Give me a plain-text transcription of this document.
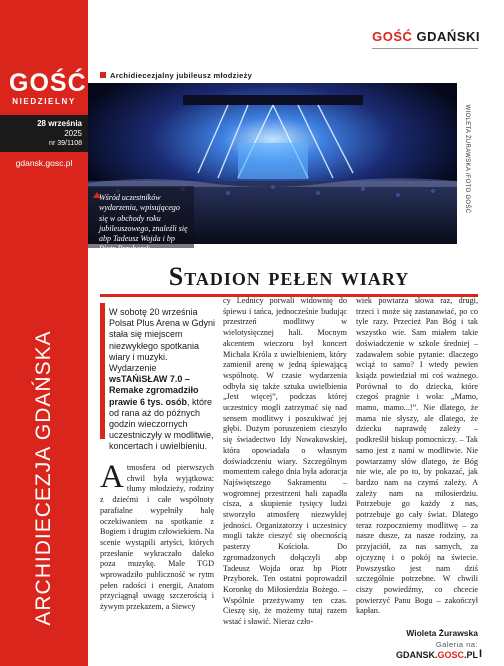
GOŚĆ
NIEDZIELNY
28 września
2025
nr 39/1108
gdansk.gosc.pl
ARCHIDIECEZJA GDAŃSKA
GOŚĆ GDAŃSKI
Archidiecezjalny jubileusz młodzieży
WIOLETA ŻURAWSKA /FOTO GOŚĆ
Wśród uczestników wydarzenia, wpisującego się w obchody roku jubileuszowego, znaleźli się abp Tadeusz Wojda i bp Piotr Przyborek.
Stadion pełen wiary
W sobotę 20 września Polsat Plus Arena w Gdyni stała się miejscem niezwykłego spotkania wiary i muzyki. Wydarzenie wsTAŃiSŁAW 7.0 – Remake zgromadziło prawie 6 tys. osób, które od rana aż do późnych godzin wieczornych uczestniczyły w modlitwie, koncertach i uwielbieniu.
Atmosfera od pierwszych chwil była wyjątkowa: tłumy młodzieży, rodziny z dziećmi i całe wspólnoty parafialne wypełniły halę oczekiwaniem na spotkanie z Bogiem i drugim człowiekiem. Na scenie wystąpili artyści, których przesłanie wykraczało daleko poza muzykę. Male TGD wprowadziło publiczność w rytm pełen radości i energii, Anatom przyciągnął uwagę szczerością i żywym przekazem, a Siewcy
cy Lednicy porwali widownię do śpiewu i tańca, jednocześnie budując przestrzeń modlitwy w wielotysięcznej hali. Mocnym akcentem wieczoru był koncert Michała Króla z uwielbieniem, który zamienił arenę w jedną śpiewającą wspólnotę. W czasie wydarzenia odbyła się także sztuka uwielbienia „Jest więcej”, podczas której uczestnicy mogli zatrzymać się nad sensem modlitwy i poszukiwać jej głębi. Dużym poruszeniem cieszyło się świadectwo Idy Nowakowskiej, która opowiadała o własnym doświadczeniu wiary. Szczególnym momentem całego dnia była adoracja Najświętszego Sakramentu – wogromnej przestrzeni hali zapadła cisza, a skupienie tysięcy ludzi stworzyło atmosferę niezwykłej jedności. Organizatorzy i uczestnicy mogli także cieszyć się obecnością pasterzy Kościoła. Do zgromadzonych dołączyli abp Tadeusz Wojda oraz bp Piotr Przyborek. Ten ostatni poprowadził Koronkę do Miłosierdzia Bożego. – Wspólnie przeżywamy ten czas. Cieszę się, że możemy tutaj razem wstać i sławić. Nieraz czło-
wiek powtarza słowa raz, drugi, trzeci i może się zastanawiać, po co tyle razy. Przecież Pan Bóg i tak wszystko wie. Sam miałem takie doświadczenie w szkole średniej – zadawałem sobie pytanie: dlaczego wciąż to samo? I wtedy pewien ksiądz powiedział mi coś ważnego. Porównał to do dziecka, które czegoś pragnie i woła: „Mamo, mamo, mamo...!”. Nie dlatego, że mama nie słyszy, ale dlatego, że dziecku naprawdę zależy – podkreślił biskup pomocniczy. – Tak samo jest z nami w modlitwie. Nie powtarzamy słów dlatego, że Bóg nie wie, ale po to, by pokazać, jak bardzo nam na czymś zależy. A zależy nam na miłosierdziu. Potrzebuje go każdy z nas, potrzebuje go cały świat. Dlatego teraz rozpoczniemy modlitwę – za nasze dusze, za nasze rodziny, za przyjaciół, za nas samych, za ojczyznę i o pokój na świecie. Powszystko jest nam dziś szczególnie potrzebne. W chwili ciszy powiedźmy, co chcecie powierzyć Panu Bogu – zakończył kapłan.
Wioleta Żurawska
Galeria na:
GDANSK.GOSC.PL I
